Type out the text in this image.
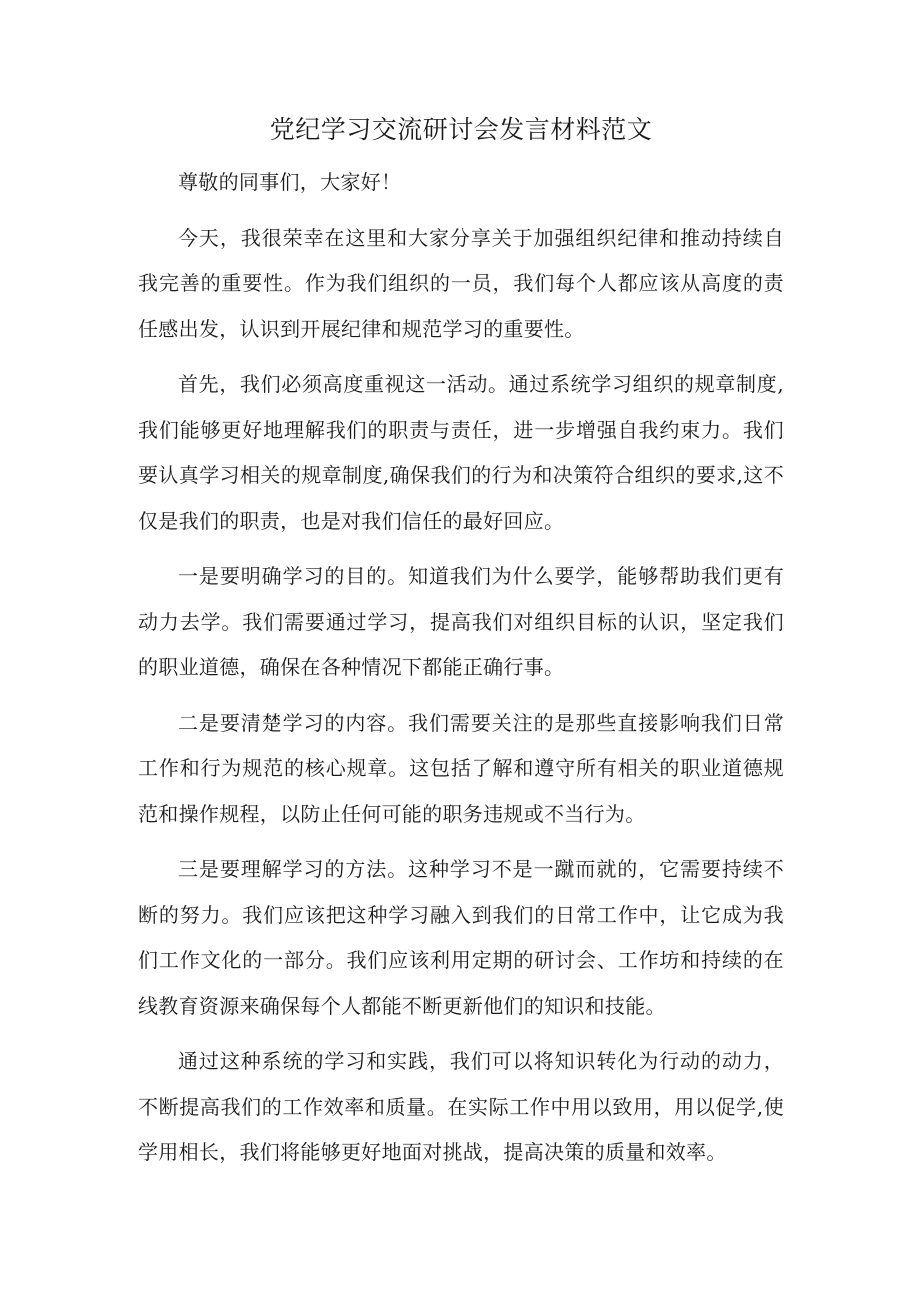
党纪学习交流研讨会发言材料范文

尊敬的同事们，大家好！

今天，我很荣幸在这里和大家分享关于加强组织纪律和推动持续自我完善的重要性。作为我们组织的一员，我们每个人都应该从高度的责任感出发，认识到开展纪律和规范学习的重要性。

首先，我们必须高度重视这一活动。通过系统学习组织的规章制度,我们能够更好地理解我们的职责与责任，进一步增强自我约束力。我们要认真学习相关的规章制度,确保我们的行为和决策符合组织的要求,这不仅是我们的职责，也是对我们信任的最好回应。

一是要明确学习的目的。知道我们为什么要学，能够帮助我们更有动力去学。我们需要通过学习，提高我们对组织目标的认识，坚定我们的职业道德，确保在各种情况下都能正确行事。

二是要清楚学习的内容。我们需要关注的是那些直接影响我们日常工作和行为规范的核心规章。这包括了解和遵守所有相关的职业道德规范和操作规程，以防止任何可能的职务违规或不当行为。

三是要理解学习的方法。这种学习不是一蹴而就的，它需要持续不断的努力。我们应该把这种学习融入到我们的日常工作中，让它成为我们工作文化的一部分。我们应该利用定期的研讨会、工作坊和持续的在线教育资源来确保每个人都能不断更新他们的知识和技能。

通过这种系统的学习和实践，我们可以将知识转化为行动的动力，不断提高我们的工作效率和质量。在实际工作中用以致用，用以促学,使学用相长，我们将能够更好地面对挑战，提高决策的质量和效率。
